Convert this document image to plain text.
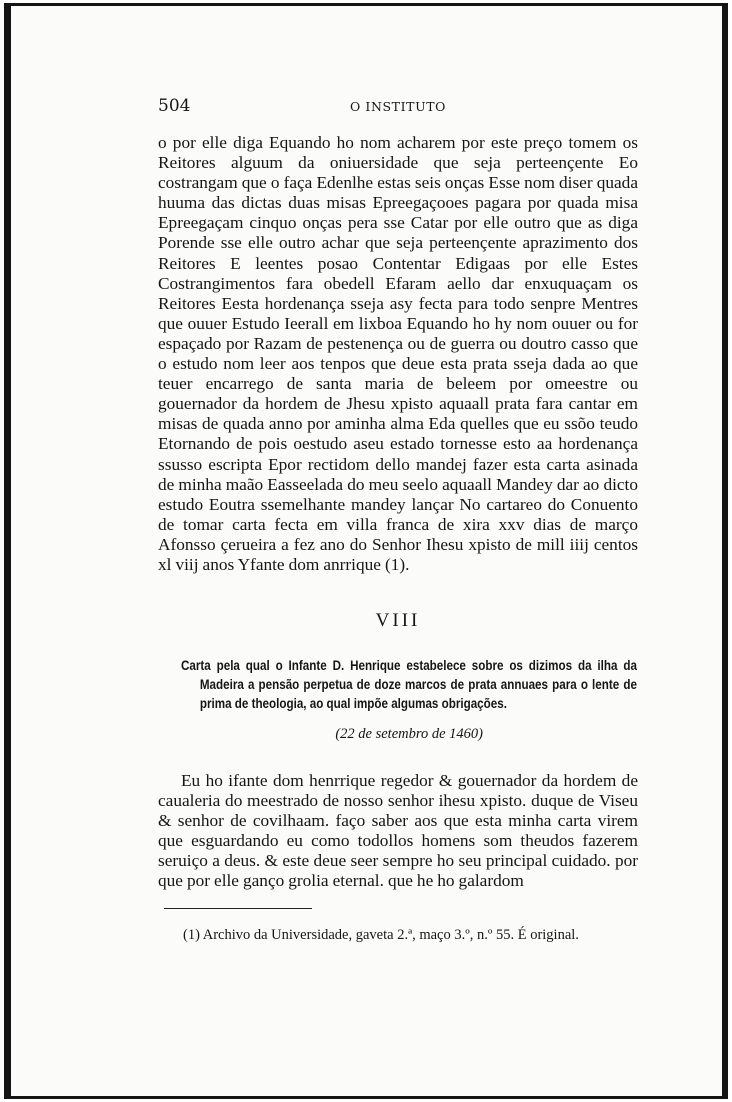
504	O INSTITUTO

o por elle diga Equando ho nom acharem por este preço tomem os Reitores alguum da oniuersidade que seja perteençente Eo costrangam que o faça Edenlhe estas seis onças Esse nom diser quada huuma das dictas duas misas Epreegaçooes pagara por quada misa Epreegaçam cinquo onças pera sse Catar por elle outro que as diga Porende sse elle outro achar que seja perteençente aprazimento dos Reitores E leentes posao Contentar Edigaas por elle Estes Costrangimentos fara obedell Efaram aello dar enxuquaçam os Reitores Eesta hordenança sseja asy fecta para todo senpre Mentres que ouuer Estudo Ieerall em lixboa Equando ho hy nom ouuer ou for espaçado por Razam de pestenença ou de guerra ou doutro casso que o estudo nom leer aos tenpos que deue esta prata sseja dada ao que teuer encarrego de santa maria de beleem por omeestre ou gouernador da hordem de Jhesu xpisto aquaall prata fara cantar em misas de quada anno por aminha alma Eda quelles que eu ssõo teudo Etornando de pois oestudo aseu estado tornesse esto aa hordenança ssusso escripta Epor rectidom dello mandej fazer esta carta asinada de minha maão Easseelada do meu seelo aquaall Mandey dar ao dicto estudo Eoutra ssemelhante mandey lançar No cartareo do Conuento de tomar carta fecta em villa franca de xira xxv dias de março Afonsso çerueira a fez ano do Senhor Ihesu xpisto de mill iiij centos xl viij anos Yfante dom anrrique (1).

VIII
Carta pela qual o Infante D. Henrique estabelece sobre os dizimos da ilha da Madeira a pensão perpetua de doze marcos de prata annuaes para o lente de prima de theologia, ao qual impõe algumas obrigações.
(22 de setembro de 1460)

Eu ho ifante dom henrrique regedor & gouernador da hordem de caualeria do meestrado de nosso senhor ihesu xpisto. duque de Viseu & senhor de covilhaam. faço saber aos que esta minha carta virem que esguardando eu como todollos homens som theudos fazerem seruiço a deus. & este deue seer sempre ho seu principal cuidado. por que por elle ganço grolia eternal. que he ho galardom

(1) Archivo da Universidade, gaveta 2.ª, maço 3.º, n.º 55. É original.
